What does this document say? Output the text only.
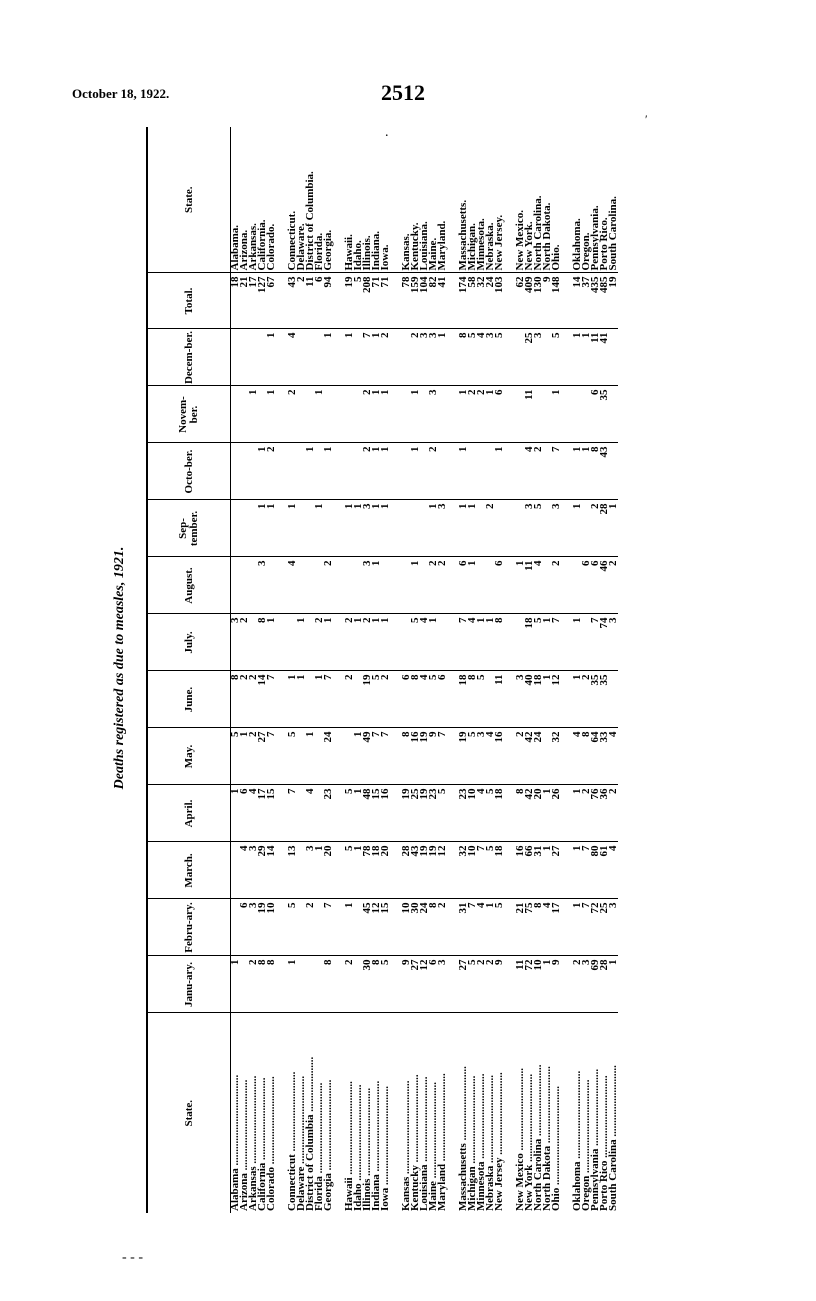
October 18, 1922.	2512
.
′
- - -
Deaths registered as due to measles, 1921.
State.	Janu-ary.	Febru-ary.	March.	April.	May.	June.	July.	August.	Sep-tember.	Octo-ber.	Novem-ber.	Decem-ber.	Total.	State.
Alabama .................................	1			1	5	8	3						18	Alabama.
Arizona .................................		6	4	6	1	2	2						21	Arizona.
Arkansas ................................	2	3	3	4	2	2					1		17	Arkansas.
California ..............................	8	19	29	17	27	14	8	3	1	1			127	California.
Colorado ................................	8	10	14	15	7	7	1		1	2	1	1	67	Colorado.

Connecticut .............................	1	5	13	7	5	1		4	1		2	4	43	Connecticut.
Delaware ................................						1	1						2	Delaware.
District of Columbia ....................		2	3	4	1					1			11	District of Columbia.
Florida .................................			1			1	2		1		1		6	Florida.
Georgia .................................	8	7	20	23	24	7	1	2		1		1	94	Georgia.

Hawaii ..................................	2	1	5	5		2	2		1			1	19	Hawaii.
Idaho ...................................			1	1	1		1		1				5	Idaho.
Illinois ................................	30	45	78	48	49	19	2	3	3	2	2	7	208	Illinois.
Indiana .................................	8	12	18	15	7	5	1	1	1	1	1	1	71	Indiana.
Iowa ....................................	5	15	20	16	7	2	1		1	1	1	2	71	Iowa.

Kansas ..................................	9	10	28	19	8	6							78	Kansas.
Kentucky ................................	27	30	43	25	16	8	5	1		1	1	2	159	Kentucky.
Louisiana ...............................	12	24	19	19	19	4	4					3	104	Louisiana.
Maine ...................................	6	8	19	23	9	5	1	2	1	2	3	3	82	Maine.
Maryland ................................	3	2	12	5	7	6		2	3			1	41	Maryland.

Massachusetts ...........................	27	31	32	23	19	18	7	6	1	1	1	8	174	Massachusetts.
Michigan ................................	5	7	10	10	5	8	4	1	1		2	5	58	Michigan.
Minnesota ...............................	2	4	7	4	3	5	1				2	4	32	Minnesota.
Nebraska ................................	2	1	5	5	4		1		2		1	3	24	Nebraska.
New Jersey ..............................	9	5	18	18	16	11	8	6		1	6	5	103	New Jersey.

New Mexico ..............................	11	21	16	8	2	3		1					62	New Mexico.
New York ................................	72	75	66	42	42	40	18	11	3	4	11	25	409	New York.
North Carolina ..........................	10	8	31	20	24	18	5	4	5	2		3	130	North Carolina.
North Dakota ............................	1	4	1	1		1	1						9	North Dakota.
Ohio ....................................	9	17	27	26	32	12	7	2	3	7	1	5	148	Ohio.

Oklahoma ................................	2	1	1	1	4	1	1		1	1		1	14	Oklahoma.
Oregon ..................................	3	7	7	2	8	2		6		1		1	37	Oregon.
Pennsylvania ............................	69	72	80	76	64	35	7	6	2	8	6	11	435	Pennsylvania.
Porto Rico ..............................	28	25	61	36	33	35	74	46	28	43	35	41	485	Porto Rico.
South Carolina ..........................	1	3	4	2	4		3	2	1				19	South Carolina.
